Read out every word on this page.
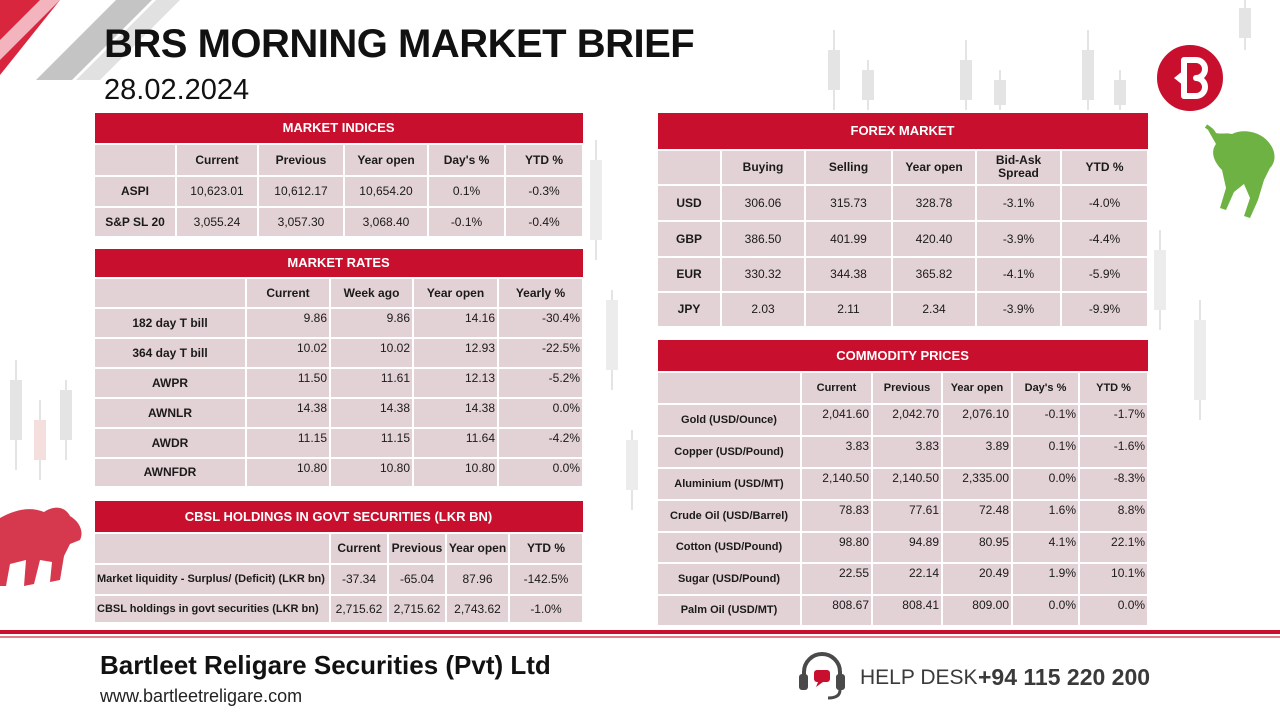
BRS MORNING MARKET BRIEF
28.02.2024
MARKET INDICES					
	Current	Previous	Year open	Day's %	YTD %
ASPI	10,623.01	10,612.17	10,654.20	0.1%	-0.3%
S&P SL 20	3,055.24	3,057.30	3,068.40	-0.1%	-0.4%
MARKET RATES				
	Current	Week ago	Year open	Yearly %
182 day T bill	9.86	9.86	14.16	-30.4%
364 day T bill	10.02	10.02	12.93	-22.5%
AWPR	11.50	11.61	12.13	-5.2%
AWNLR	14.38	14.38	14.38	0.0%
AWDR	11.15	11.15	11.64	-4.2%
AWNFDR	10.80	10.80	10.80	0.0%
CBSL HOLDINGS IN GOVT SECURITIES (LKR BN)				
	Current	Previous	Year open	YTD %
Market liquidity - Surplus/ (Deficit) (LKR bn)	-37.34	-65.04	87.96	-142.5%
CBSL holdings in govt securities (LKR bn)	2,715.62	2,715.62	2,743.62	-1.0%
FOREX MARKET					
	Buying	Selling	Year open	Bid-Ask Spread	YTD %
USD	306.06	315.73	328.78	-3.1%	-4.0%
GBP	386.50	401.99	420.40	-3.9%	-4.4%
EUR	330.32	344.38	365.82	-4.1%	-5.9%
JPY	2.03	2.11	2.34	-3.9%	-9.9%
COMMODITY PRICES					
	Current	Previous	Year open	Day's %	YTD %
Gold (USD/Ounce)	2,041.60	2,042.70	2,076.10	-0.1%	-1.7%
Copper (USD/Pound)	3.83	3.83	3.89	0.1%	-1.6%
Aluminium (USD/MT)	2,140.50	2,140.50	2,335.00	0.0%	-8.3%
Crude Oil (USD/Barrel)	78.83	77.61	72.48	1.6%	8.8%
Cotton (USD/Pound)	98.80	94.89	80.95	4.1%	22.1%
Sugar (USD/Pound)	22.55	22.14	20.49	1.9%	10.1%
Palm Oil (USD/MT)	808.67	808.41	809.00	0.0%	0.0%
Bartleet Religare Securities (Pvt) Ltd
www.bartleetreligare.com
HELP DESK +94 115 220 200
